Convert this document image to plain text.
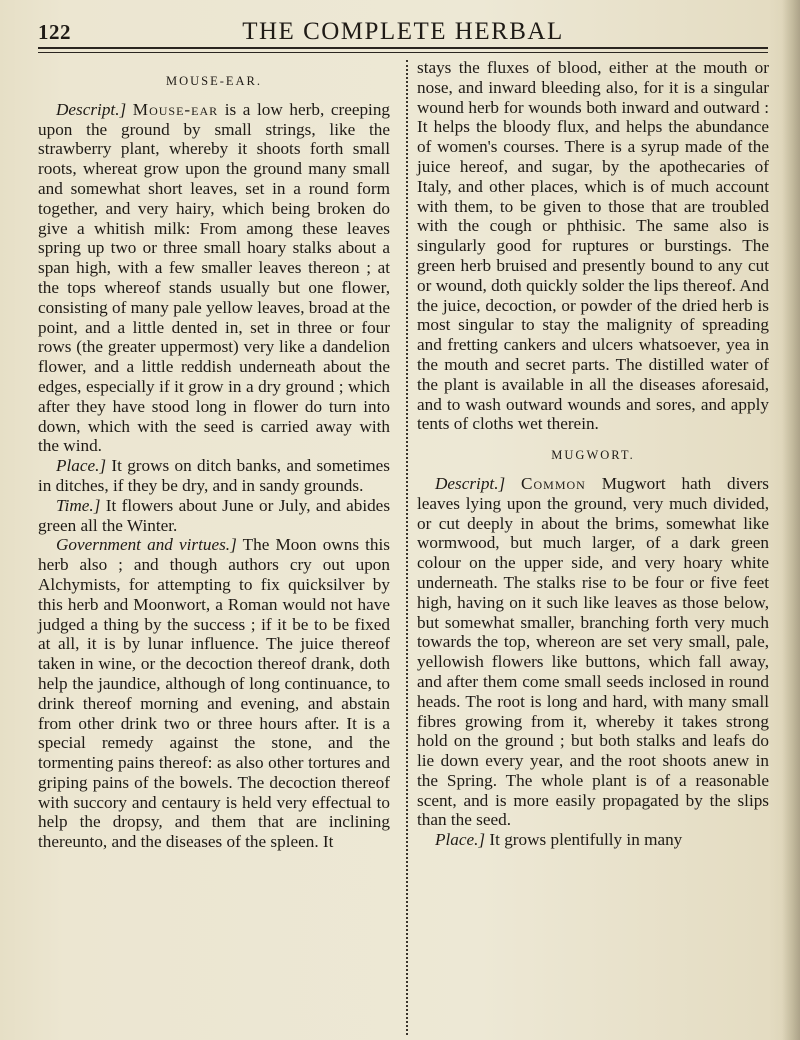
122	THE COMPLETE HERBAL
MOUSE-EAR.

Descript.] Mouse-ear is a low herb, creeping upon the ground by small strings, like the strawberry plant, whereby it shoots forth small roots, whereat grow upon the ground many small and somewhat short leaves, set in a round form together, and very hairy, which being broken do give a whitish milk: From among these leaves spring up two or three small hoary stalks about a span high, with a few smaller leaves thereon ; at the tops whereof stands usually but one flower, consisting of many pale yellow leaves, broad at the point, and a little dented in, set in three or four rows (the greater uppermost) very like a dandelion flower, and a little reddish underneath about the edges, especially if it grow in a dry ground ; which after they have stood long in flower do turn into down, which with the seed is carried away with the wind.

Place.] It grows on ditch banks, and sometimes in ditches, if they be dry, and in sandy grounds.

Time.] It flowers about June or July, and abides green all the Winter.

Government and virtues.] The Moon owns this herb also ; and though authors cry out upon Alchymists, for attempting to fix quicksilver by this herb and Moonwort, a Roman would not have judged a thing by the success ; if it be to be fixed at all, it is by lunar influence. The juice thereof taken in wine, or the decoction thereof drank, doth help the jaundice, although of long continuance, to drink thereof morning and evening, and abstain from other drink two or three hours after. It is a special remedy against the stone, and the tormenting pains thereof: as also other tortures and griping pains of the bowels. The decoction thereof with succory and centaury is held very effectual to help the dropsy, and them that are inclining thereunto, and the diseases of the spleen. It

stays the fluxes of blood, either at the mouth or nose, and inward bleeding also, for it is a singular wound herb for wounds both inward and outward : It helps the bloody flux, and helps the abundance of women's courses. There is a syrup made of the juice hereof, and sugar, by the apothecaries of Italy, and other places, which is of much account with them, to be given to those that are troubled with the cough or phthisic. The same also is singularly good for ruptures or burstings. The green herb bruised and presently bound to any cut or wound, doth quickly solder the lips thereof. And the juice, decoction, or powder of the dried herb is most singular to stay the malignity of spreading and fretting cankers and ulcers whatsoever, yea in the mouth and secret parts. The distilled water of the plant is available in all the diseases aforesaid, and to wash outward wounds and sores, and apply tents of cloths wet therein.

MUGWORT.

Descript.] Common Mugwort hath divers leaves lying upon the ground, very much divided, or cut deeply in about the brims, somewhat like wormwood, but much larger, of a dark green colour on the upper side, and very hoary white underneath. The stalks rise to be four or five feet high, having on it such like leaves as those below, but somewhat smaller, branching forth very much towards the top, whereon are set very small, pale, yellowish flowers like buttons, which fall away, and after them come small seeds inclosed in round heads. The root is long and hard, with many small fibres growing from it, whereby it takes strong hold on the ground ; but both stalks and leafs do lie down every year, and the root shoots anew in the Spring. The whole plant is of a reasonable scent, and is more easily propagated by the slips than the seed.

Place.] It grows plentifully in many
